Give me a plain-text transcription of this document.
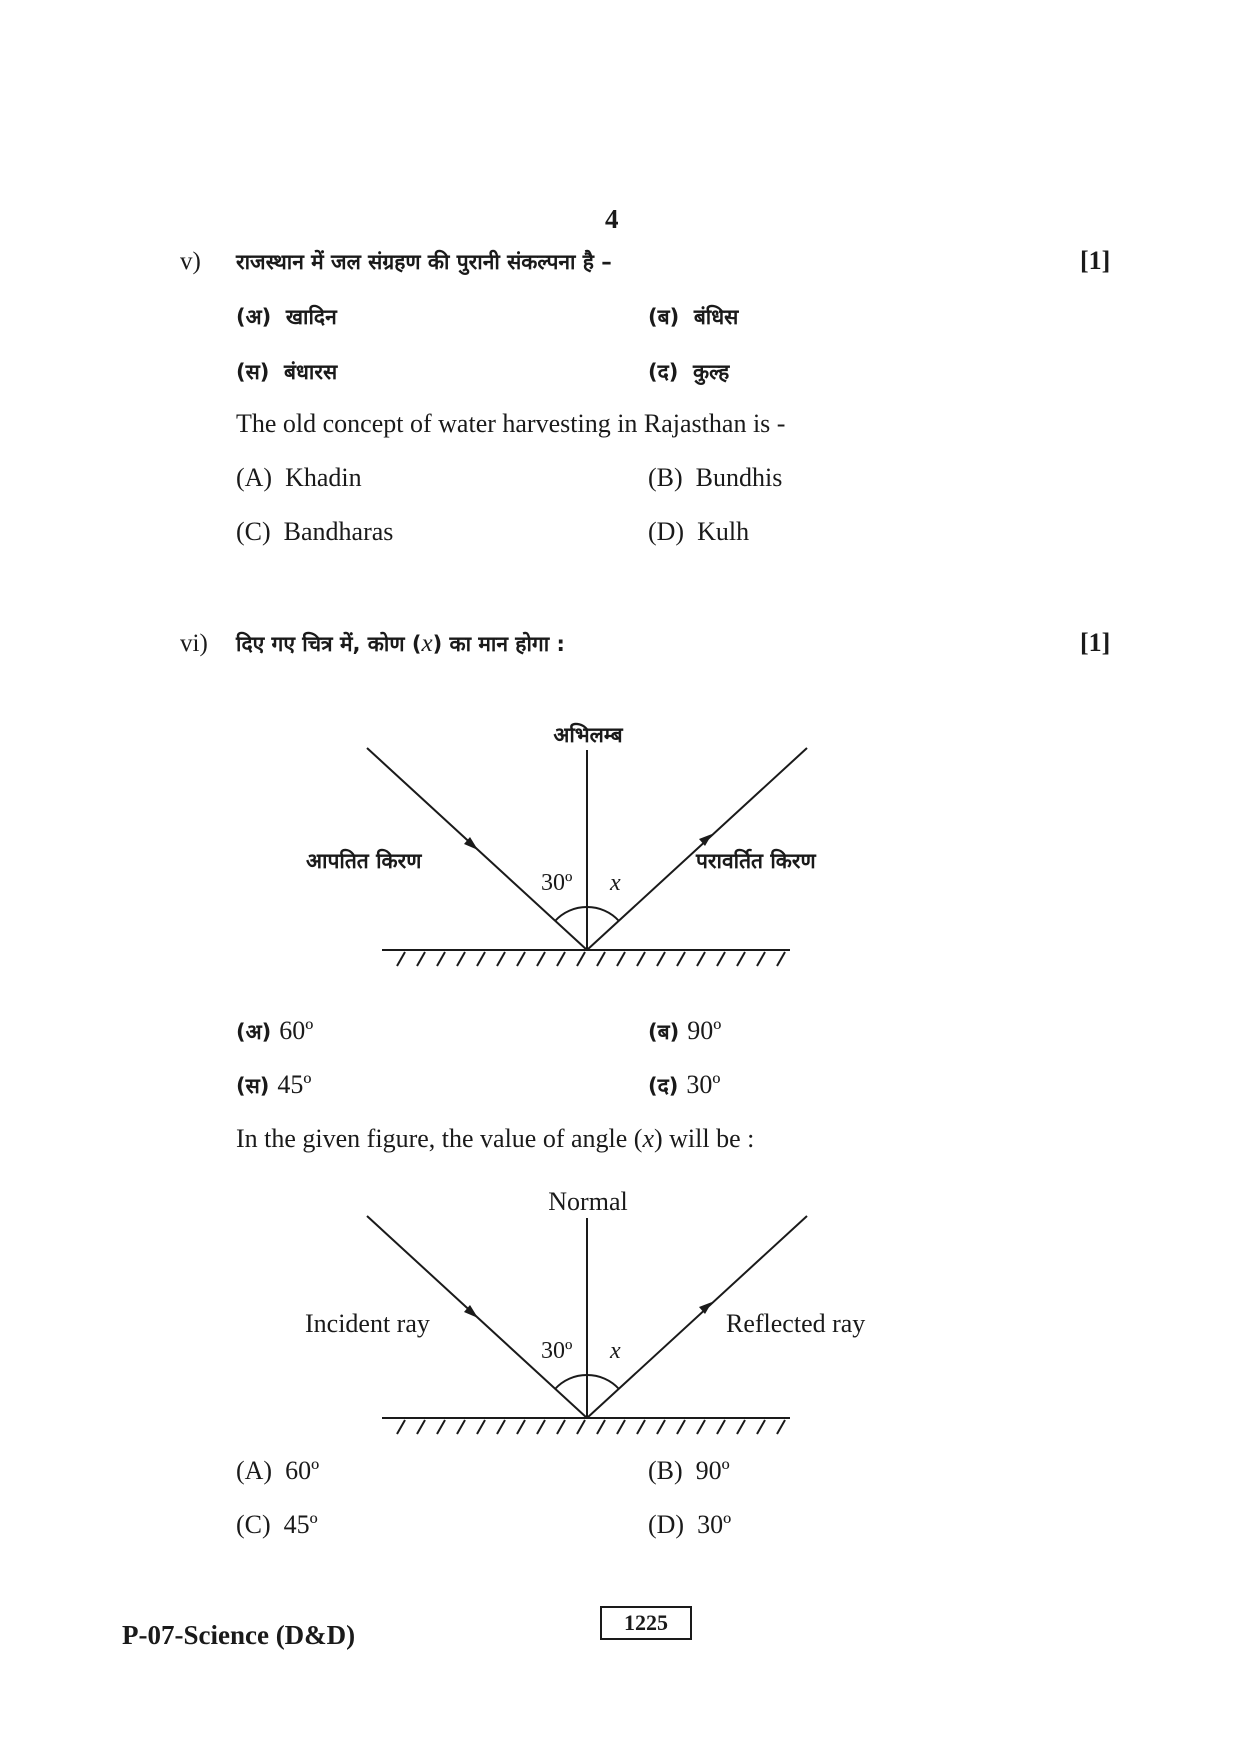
4
v) राजस्थान में जल संग्रहण की पुरानी संकल्पना है –	[1]
(अ) खादिन	(ब) बंधिस
(स) बंधारस	(द) कुल्ह
The old concept of water harvesting in Rajasthan is -
(A) Khadin	(B) Bundhis
(C) Bandharas	(D) Kulh
vi) दिए गए चित्र में, कोण (x) का मान होगा :	[1]
अभिलम्ब
आपतित किरण	परावर्तित किरण
30º x
(अ) 60º	(ब) 90º
(स) 45º	(द) 30º
In the given figure, the value of angle (x) will be :
Normal
Incident ray	Reflected ray
30º x
(A) 60º	(B) 90º
(C) 45º	(D) 30º
P-07-Science (D&D)	1225
